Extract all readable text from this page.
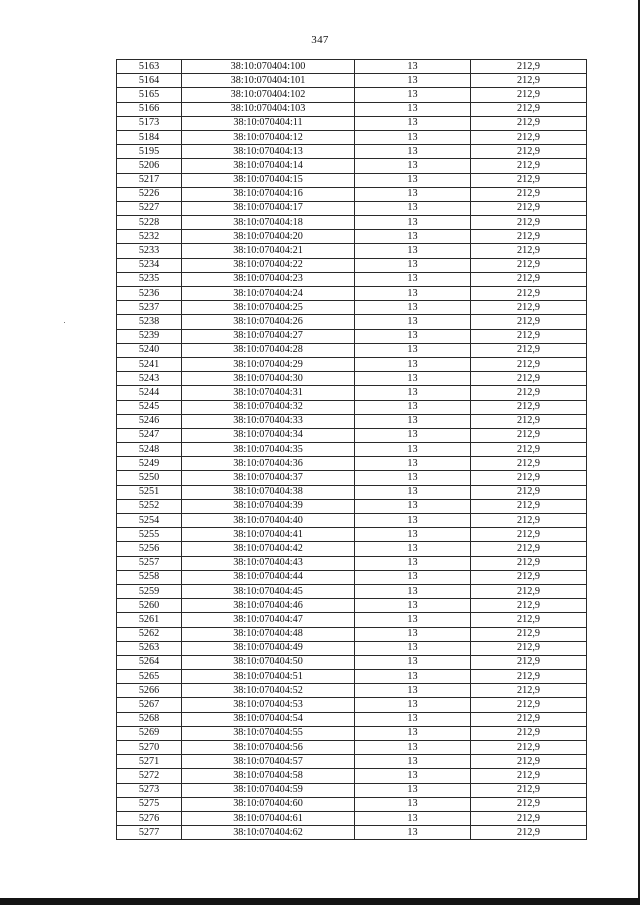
347
5163	38:10:070404:100	13	212,9
5164	38:10:070404:101	13	212,9
5165	38:10:070404:102	13	212,9
5166	38:10:070404:103	13	212,9
5173	38:10:070404:11	13	212,9
5184	38:10:070404:12	13	212,9
5195	38:10:070404:13	13	212,9
5206	38:10:070404:14	13	212,9
5217	38:10:070404:15	13	212,9
5226	38:10:070404:16	13	212,9
5227	38:10:070404:17	13	212,9
5228	38:10:070404:18	13	212,9
5232	38:10:070404:20	13	212,9
5233	38:10:070404:21	13	212,9
5234	38:10:070404:22	13	212,9
5235	38:10:070404:23	13	212,9
5236	38:10:070404:24	13	212,9
5237	38:10:070404:25	13	212,9
5238	38:10:070404:26	13	212,9
5239	38:10:070404:27	13	212,9
5240	38:10:070404:28	13	212,9
5241	38:10:070404:29	13	212,9
5243	38:10:070404:30	13	212,9
5244	38:10:070404:31	13	212,9
5245	38:10:070404:32	13	212,9
5246	38:10:070404:33	13	212,9
5247	38:10:070404:34	13	212,9
5248	38:10:070404:35	13	212,9
5249	38:10:070404:36	13	212,9
5250	38:10:070404:37	13	212,9
5251	38:10:070404:38	13	212,9
5252	38:10:070404:39	13	212,9
5254	38:10:070404:40	13	212,9
5255	38:10:070404:41	13	212,9
5256	38:10:070404:42	13	212,9
5257	38:10:070404:43	13	212,9
5258	38:10:070404:44	13	212,9
5259	38:10:070404:45	13	212,9
5260	38:10:070404:46	13	212,9
5261	38:10:070404:47	13	212,9
5262	38:10:070404:48	13	212,9
5263	38:10:070404:49	13	212,9
5264	38:10:070404:50	13	212,9
5265	38:10:070404:51	13	212,9
5266	38:10:070404:52	13	212,9
5267	38:10:070404:53	13	212,9
5268	38:10:070404:54	13	212,9
5269	38:10:070404:55	13	212,9
5270	38:10:070404:56	13	212,9
5271	38:10:070404:57	13	212,9
5272	38:10:070404:58	13	212,9
5273	38:10:070404:59	13	212,9
5275	38:10:070404:60	13	212,9
5276	38:10:070404:61	13	212,9
5277	38:10:070404:62	13	212,9
